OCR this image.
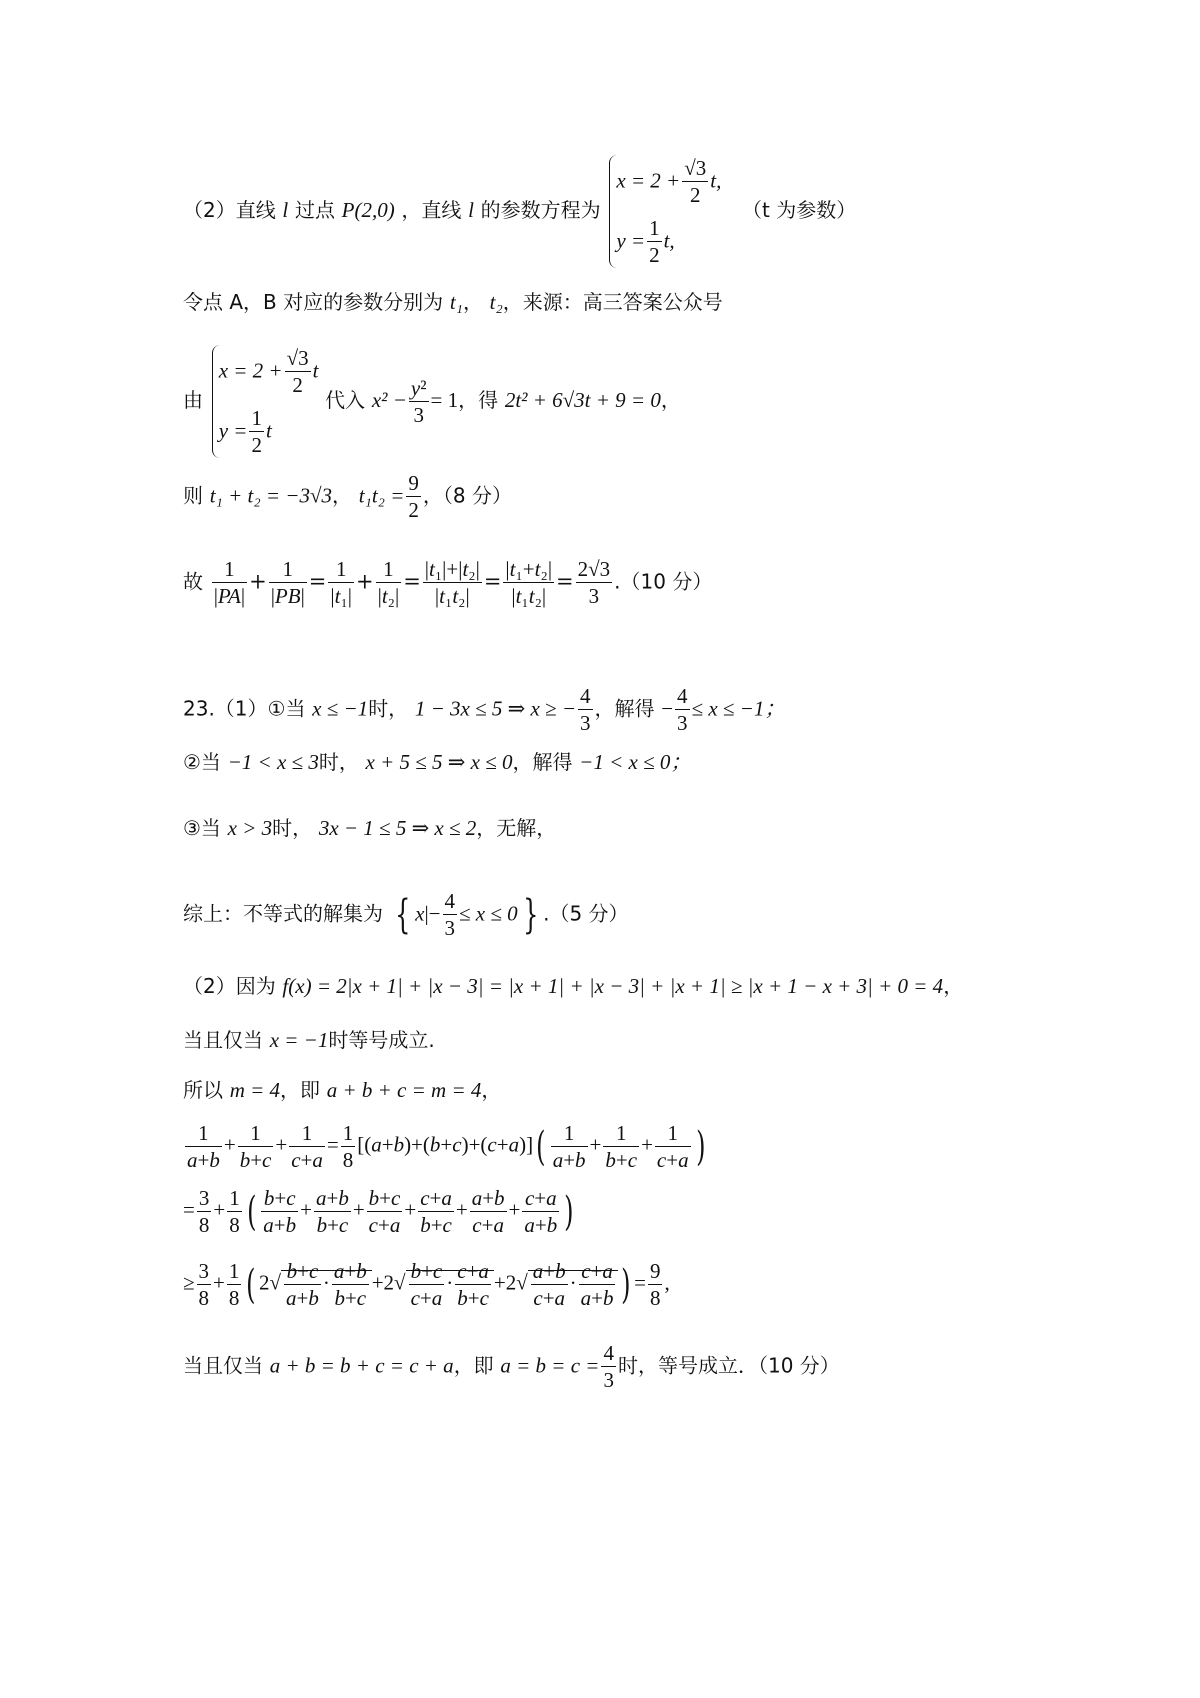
（2）直线 l 过点 P(2,0) ，直线 l 的参数方程为
$x = 2 + \frac{√3}{2} t$,
$y = \frac{1}{2} t$,
（t 为参数）
令点 A，B 对应的参数分别为 t₁， t₂，来源：高三答案公众号
由
$x = 2 + \frac{√3}{2}$ t
$y = \frac{1}{2}$ t
代入 $x^2 - \frac{\text{y²}}{3} = 1$，得 2t² + 6√3t + 9 = 0，
则 t₁ + t₂ = −3√3， $t_1t_2 = \frac{9}{2}$ ，（8 分）
故 $\frac{1}{|PA|} + \frac{1}{|PB|} = \frac{1}{\text{|t₁|}} + \frac{1}{\text{|t₂|}} = \frac{\text{|t₁|+|t₂|}}{\text{|t₁t₂|}} = \frac{\text{|t₁+t₂|}}{\text{|t₁t₂|}} = \frac{2√3}{3} .(10$ 分）
23.（1）①当 x ≤ −1时， 1 − 3x ≤ 5 ⇒ x ≥ − $\frac{4}{3}$ ，解得 − $\frac{4}{3} \le x \le -1$；
②当 −1 < x ≤ 3时， x + 5 ≤ 5 ⇒ x ≤ 0，解得 −1 < x ≤ 0；
③当 x > 3时， 3x − 1 ≤ 5 ⇒ x ≤ 2，无解，
综上：不等式的解集为 { $x|- \frac{4}{3} \le x \le 0$ } .（5 分）
（2）因为 f(x) = 2|x + 1| + |x − 3| = |x + 1| + |x − 3| + |x + 1| ≥ |x + 1 − x + 3| + 0 = 4，
当且仅当 x = −1时等号成立.
所以 m = 4，即 a + b + c = m = 4，
$\frac{1}{a+b} + \frac{1}{b+c} + \frac{1}{c+a} = \frac{1}{8} [(a+b)+(b+c)+(c+a)]( \frac{1}{a+b} + \frac{1}{b+c} + \frac{1}{c+a}$ )
= $\frac{3}{8} + \frac{1}{8}$ ( $\frac{b+c}{a+b} + \frac{a+b}{b+c} + \frac{b+c}{c+a} + \frac{c+a}{b+c} + \frac{a+b}{c+a} + \frac{c+a}{a+b}$ )
≥ $\frac{3}{8} + \frac{1}{8}$ ( $2√ \frac{b+c}{a+b} \cdot \frac{a+b}{b+c} +2√ \frac{b+c}{c+a} \cdot \frac{c+a}{b+c} +2√ \frac{a+b}{c+a} \cdot \frac{c+a}{a+b}$ ) = $\frac{9}{8}$ ,
当且仅当 a + b = b + c = c + a，即 $a = b = c = \frac{4}{3}$ 时，等号成立．（10 分）
